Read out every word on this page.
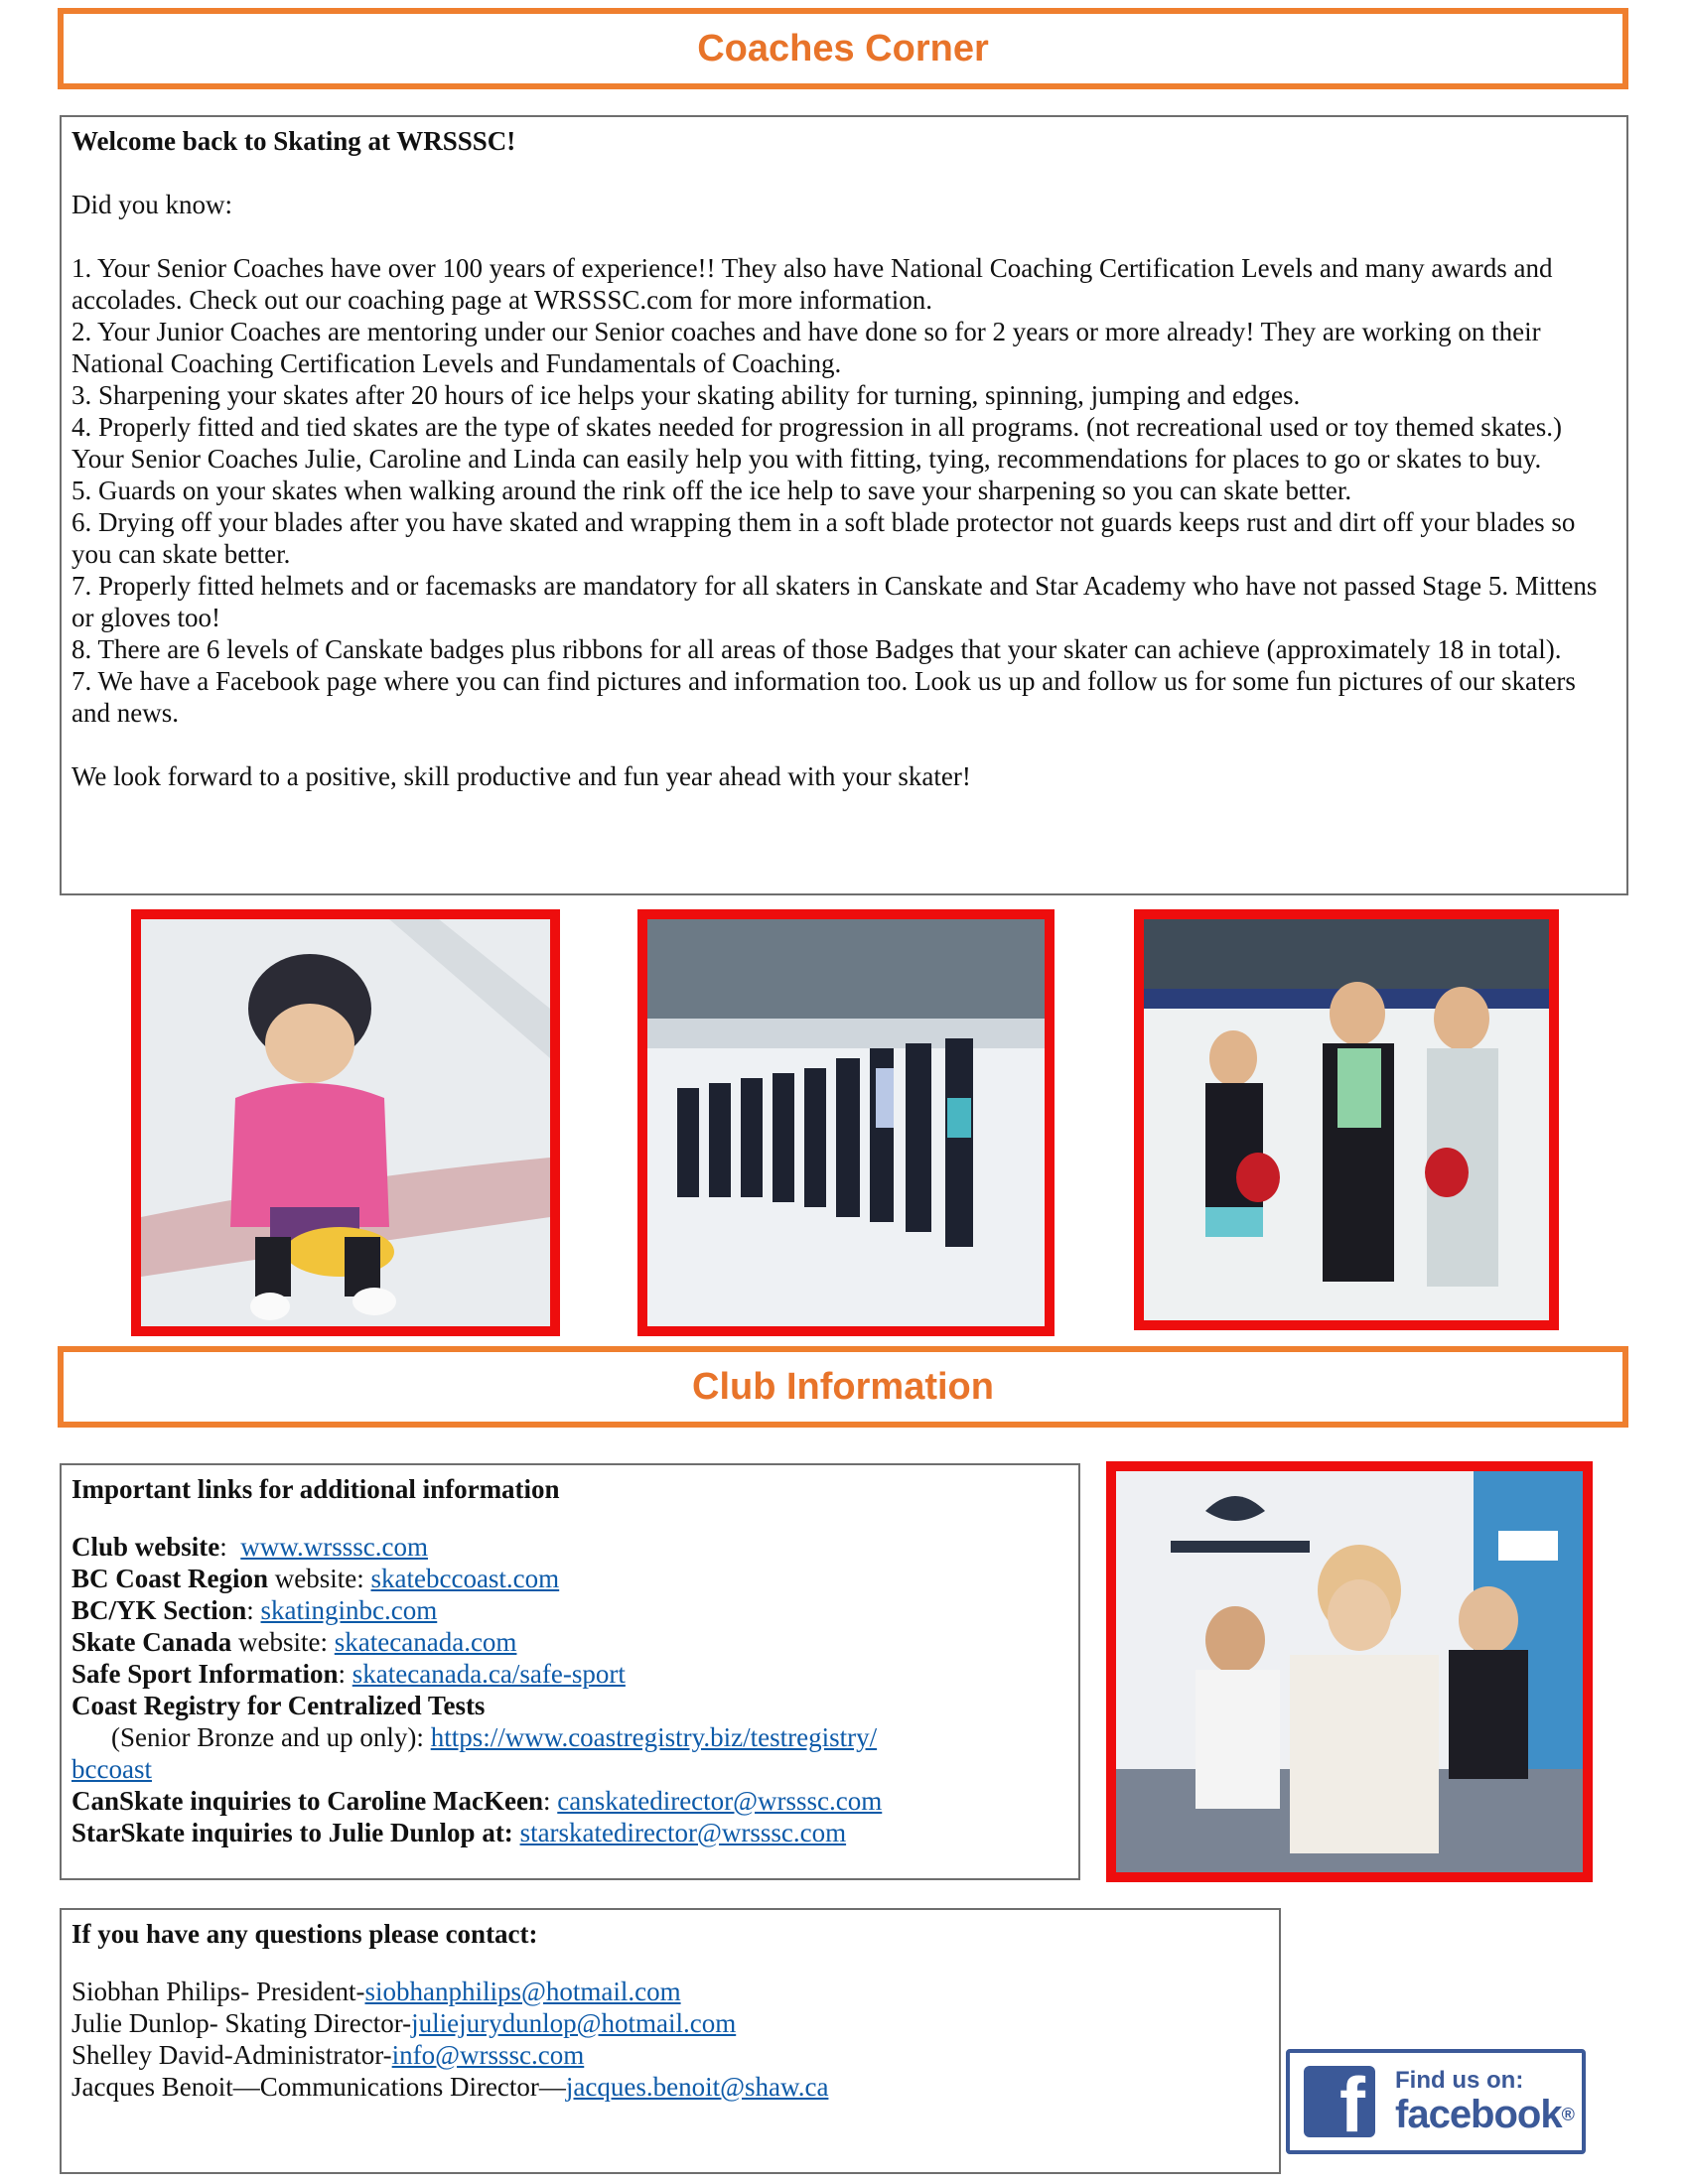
Coaches Corner

Welcome back to Skating at WRSSSC!

Did you know:

1. Your Senior Coaches have over 100 years of experience!! They also have National Coaching Certification Levels and many awards and accolades. Check out our coaching page at WRSSSC.com for more information.

2. Your Junior Coaches are mentoring under our Senior coaches and have done so for 2 years or more already! They are working on their National Coaching Certification Levels and Fundamentals of Coaching.

3. Sharpening your skates after 20 hours of ice helps your skating ability for turning, spinning, jumping and edges.

4. Properly fitted and tied skates are the type of skates needed for progression in all programs. (not recreational used or toy themed skates.) Your Senior Coaches Julie, Caroline and Linda can easily help you with fitting, tying, recommendations for places to go or skates to buy.

5. Guards on your skates when walking around the rink off the ice help to save your sharpening so you can skate better.

6. Drying off your blades after you have skated and wrapping them in a soft blade protector not guards keeps rust and dirt off your blades so you can skate better.

7. Properly fitted helmets and or facemasks are mandatory for all skaters in Canskate and Star Academy who have not passed Stage 5. Mittens or gloves too!

8. There are 6 levels of Canskate badges plus ribbons for all areas of those Badges that your skater can achieve (approximately 18 in total).

7. We have a Facebook page where you can find pictures and information too. Look us up and follow us for some fun pictures of our skaters and news.

We look forward to a positive, skill productive and fun year ahead with your skater!

Club Information

Important links for additional information

Club website:  www.wrsssc.com

BC Coast Region website: skatebccoast.com

BC/YK Section: skatinginbc.com

Skate Canada website: skatecanada.com

Safe Sport Information: skatecanada.ca/safe-sport

Coast Registry for Centralized Tests

(Senior Bronze and up only): https://www.coastregistry.biz/testregistry/

bccoast

CanSkate inquiries to Caroline MacKeen: canskatedirector@wrsssc.com

StarSkate inquiries to Julie Dunlop at: starskatedirector@wrsssc.com

If you have any questions please contact:

Siobhan Philips- President-siobhanphilips@hotmail.com

Julie Dunlop- Skating Director-juliejurydunlop@hotmail.com

Shelley David-Administrator-info@wrsssc.com

Jacques Benoit—Communications Director—jacques.benoit@shaw.ca	f Find us on:
facebook®
